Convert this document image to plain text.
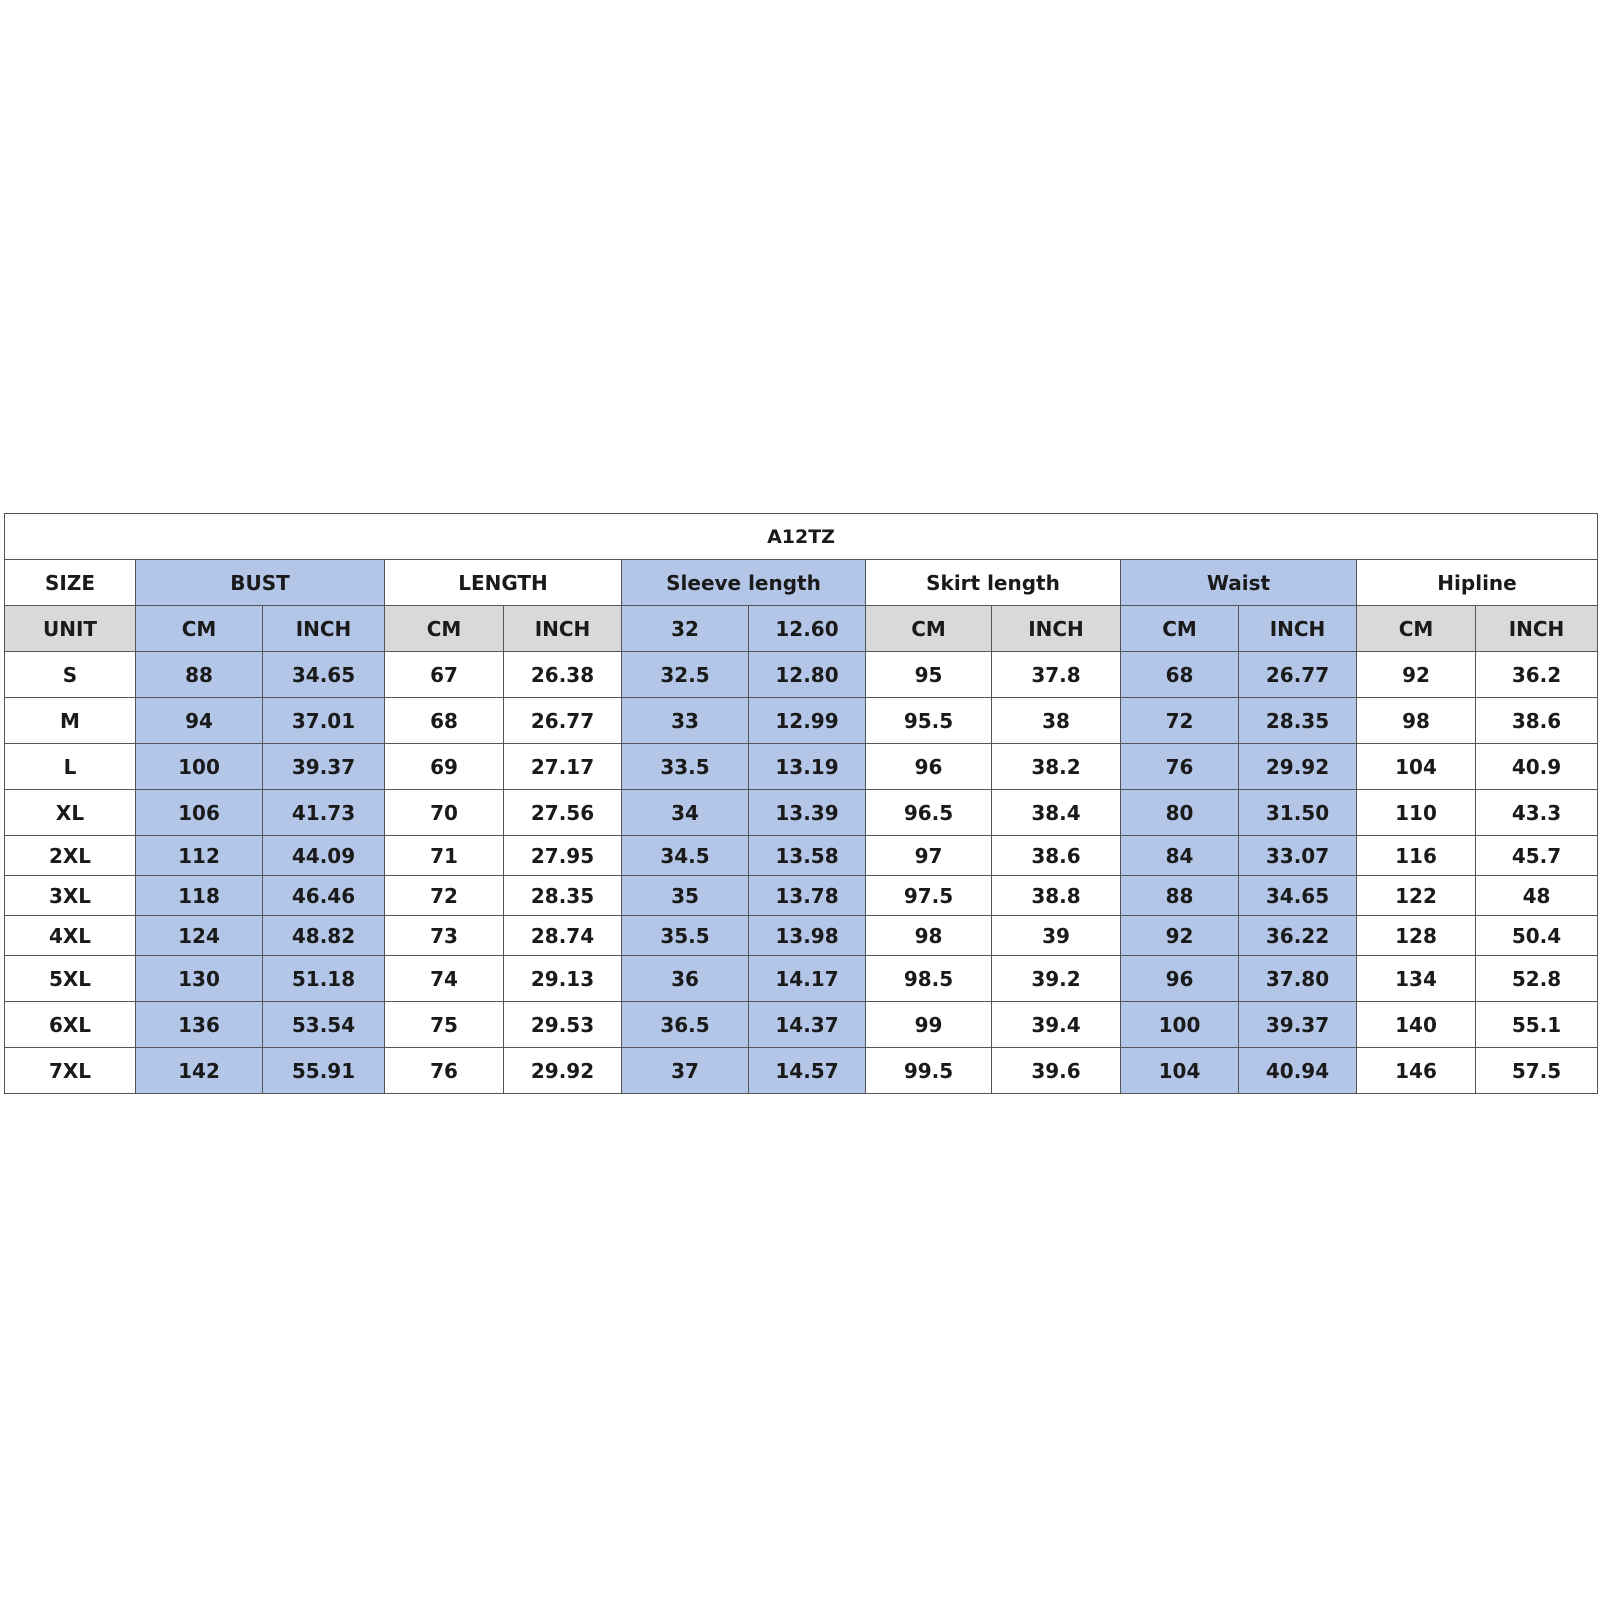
A12TZ												
SIZE	BUST		LENGTH		Sleeve length		Skirt length		Waist		Hipline	
UNIT	CM	INCH	CM	INCH	32	12.60	CM	INCH	CM	INCH	CM	INCH
S	88	34.65	67	26.38	32.5	12.80	95	37.8	68	26.77	92	36.2
M	94	37.01	68	26.77	33	12.99	95.5	38	72	28.35	98	38.6
L	100	39.37	69	27.17	33.5	13.19	96	38.2	76	29.92	104	40.9
XL	106	41.73	70	27.56	34	13.39	96.5	38.4	80	31.50	110	43.3
2XL	112	44.09	71	27.95	34.5	13.58	97	38.6	84	33.07	116	45.7
3XL	118	46.46	72	28.35	35	13.78	97.5	38.8	88	34.65	122	48
4XL	124	48.82	73	28.74	35.5	13.98	98	39	92	36.22	128	50.4
5XL	130	51.18	74	29.13	36	14.17	98.5	39.2	96	37.80	134	52.8
6XL	136	53.54	75	29.53	36.5	14.37	99	39.4	100	39.37	140	55.1
7XL	142	55.91	76	29.92	37	14.57	99.5	39.6	104	40.94	146	57.5
